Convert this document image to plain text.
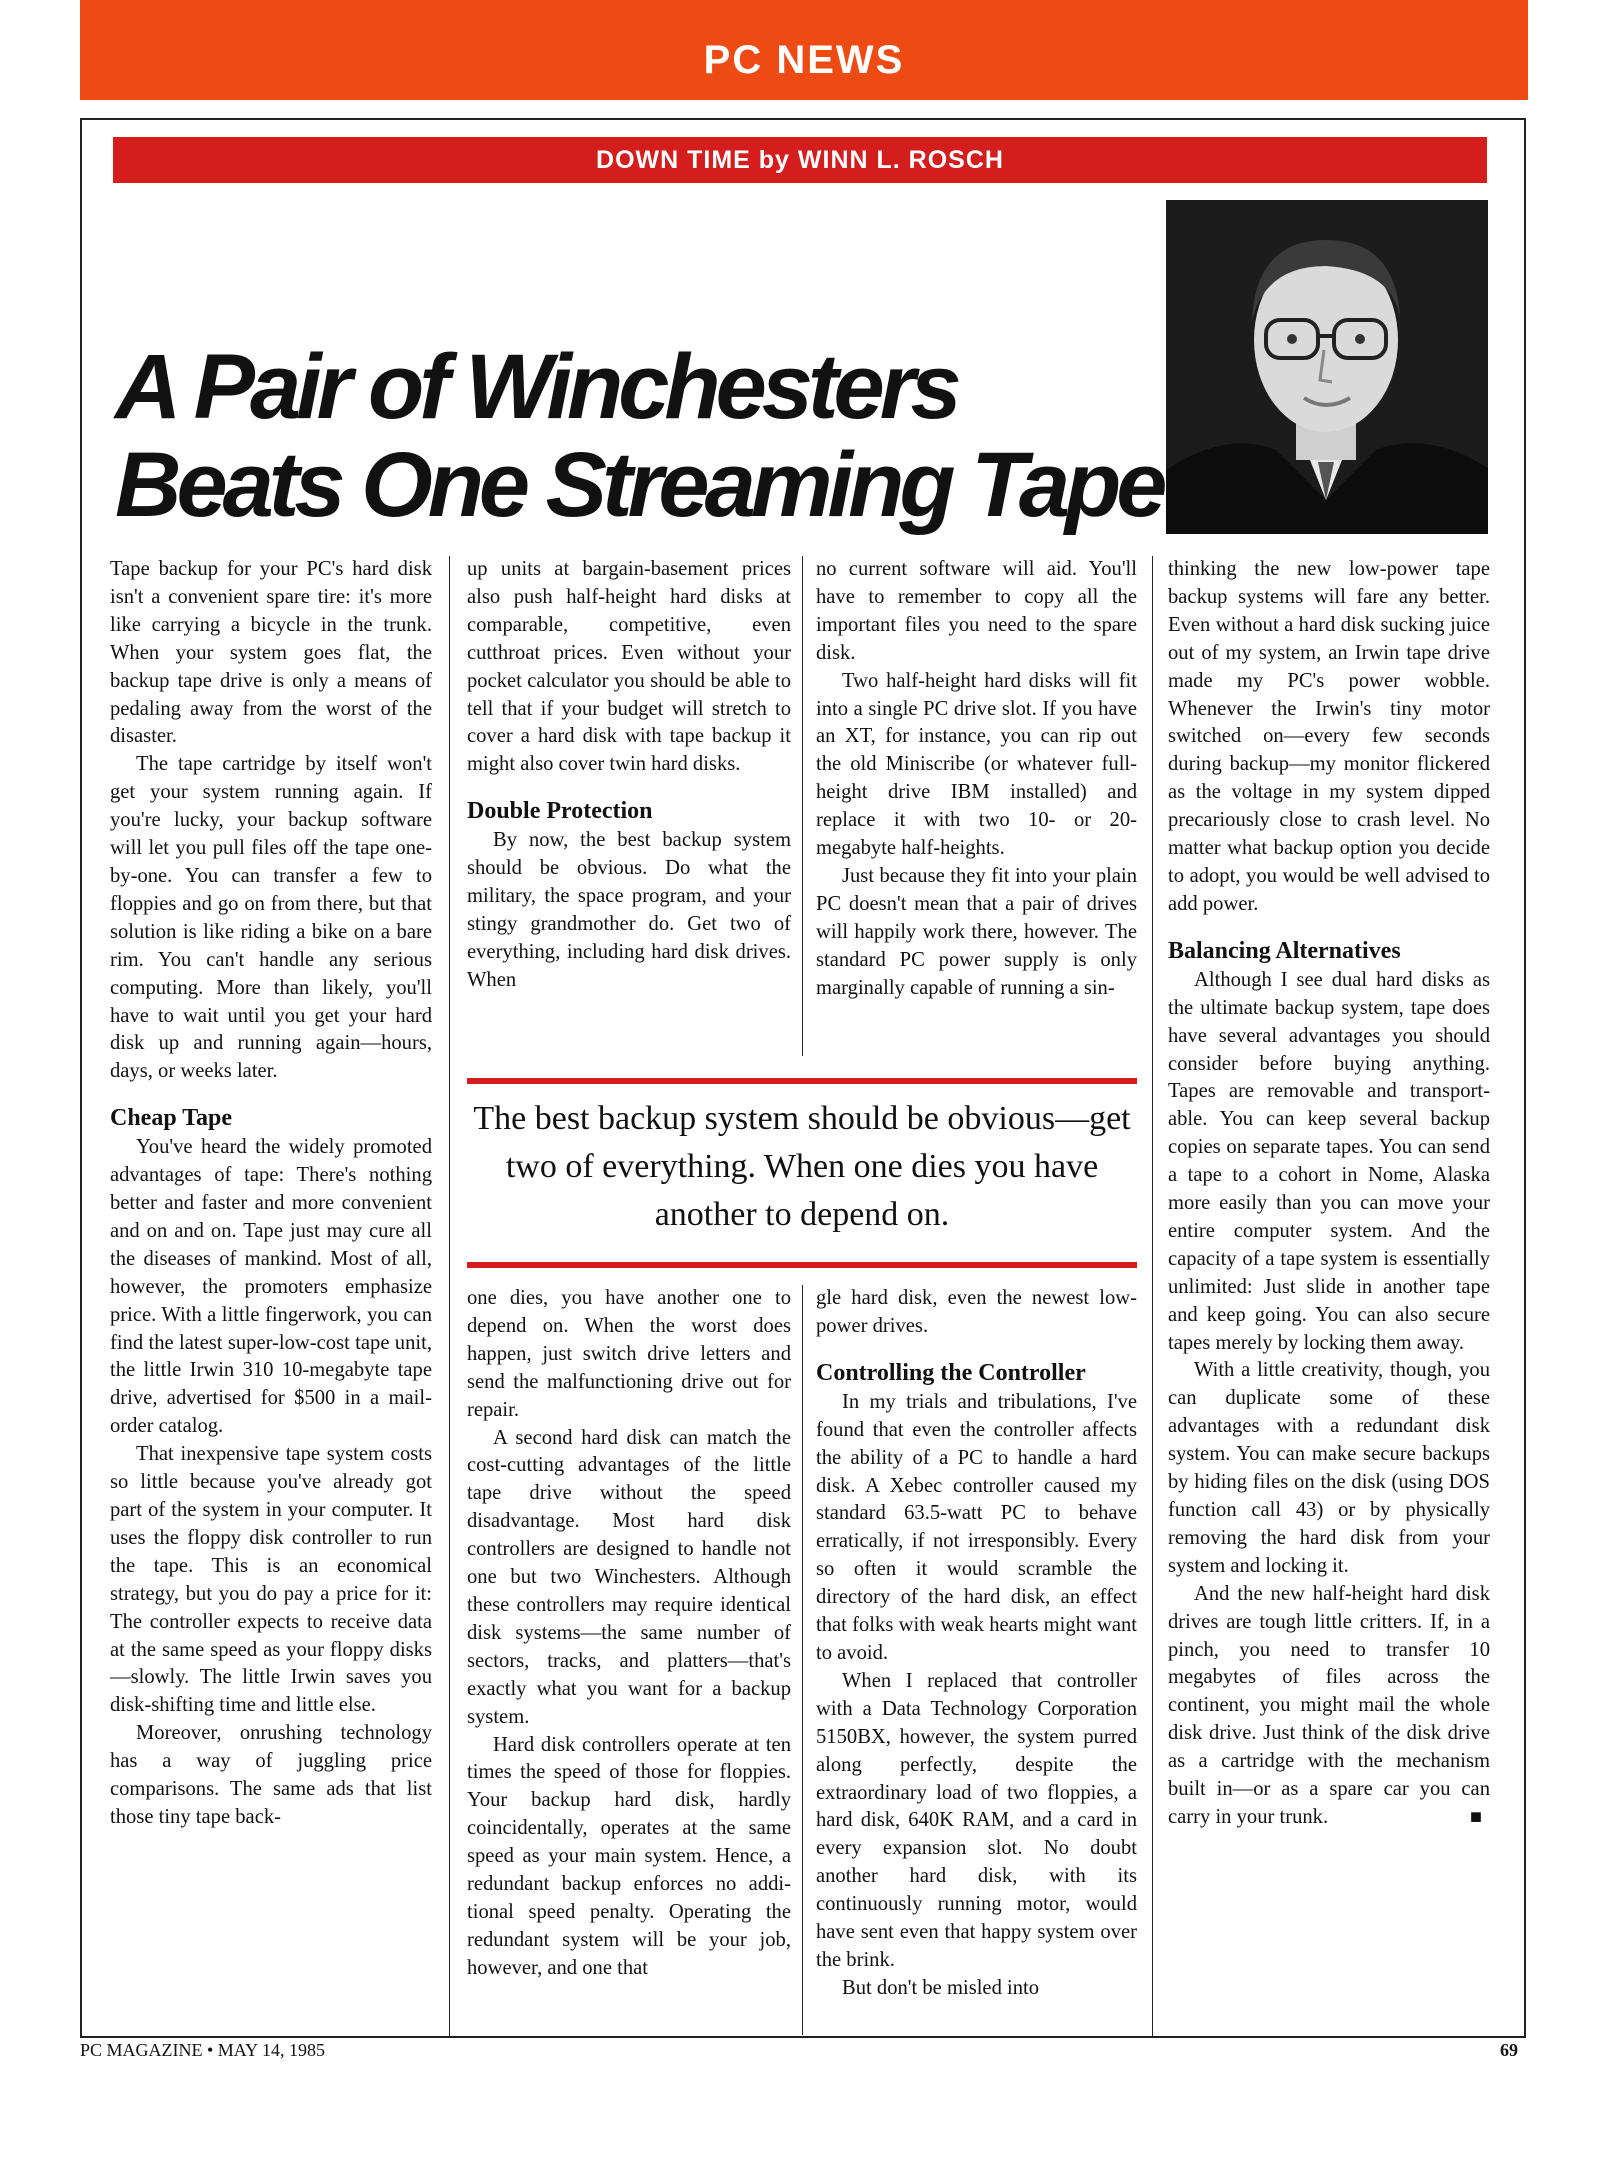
PC NEWS
DOWN TIME by WINN L. ROSCH
A Pair of Winchesters
Beats One Streaming Tape

Tape backup for your PC's hard disk isn't a convenient spare tire: it's more like carrying a bicycle in the trunk. When your system goes flat, the backup tape drive is only a means of pedaling away from the worst of the disaster.

The tape cartridge by itself won't get your system running again. If you're lucky, your backup software will let you pull files off the tape one-by-one. You can transfer a few to floppies and go on from there, but that solution is like riding a bike on a bare rim. You can't handle any serious computing. More than likely, you'll have to wait until you get your hard disk up and running again—hours, days, or weeks later.

Cheap Tape

You've heard the widely promoted advantages of tape: There's nothing better and faster and more convenient and on and on. Tape just may cure all the diseases of mankind. Most of all, however, the promoters emphasize price. With a little fingerwork, you can find the latest super-low-cost tape unit, the little Irwin 310 10-megabyte tape drive, advertised for $500 in a mail-order catalog.

That inexpensive tape system costs so little because you've already got part of the system in your computer. It uses the floppy disk controller to run the tape. This is an economical strategy, but you do pay a price for it: The controller expects to receive data at the same speed as your floppy disks—slowly. The little Irwin saves you disk-shifting time and little else.

Moreover, onrushing technology has a way of juggling price comparisons. The same ads that list those tiny tape back-

up units at bargain-basement prices also push half-height hard disks at comparable, competitive, even cutthroat prices. Even without your pocket calculator you should be able to tell that if your budget will stretch to cover a hard disk with tape backup it might also cover twin hard disks.

Double Protection

By now, the best backup system should be obvious. Do what the military, the space program, and your stingy grandmother do. Get two of everything, including hard disk drives. When

no current software will aid. You'll have to remember to copy all the important files you need to the spare disk.

Two half-height hard disks will fit into a single PC drive slot. If you have an XT, for instance, you can rip out the old Miniscribe (or whatever full-height drive IBM installed) and replace it with two 10- or 20-megabyte half-heights.

Just because they fit into your plain PC doesn't mean that a pair of drives will happily work there, however. The standard PC power supply is only marginally capable of running a sin-

The best backup system should be obvious—get two of everything. When one dies you have another to depend on.

one dies, you have another one to depend on. When the worst does happen, just switch drive letters and send the malfunctioning drive out for repair.

A second hard disk can match the cost-cutting advantages of the little tape drive without the speed disadvantage. Most hard disk controllers are designed to handle not one but two Winchesters. Although these controllers may require identical disk systems—the same number of sectors, tracks, and platters—that's exactly what you want for a backup system.

Hard disk controllers operate at ten times the speed of those for floppies. Your backup hard disk, hardly coincidentally, operates at the same speed as your main system. Hence, a redundant backup enforces no additional speed penalty. Operating the redundant system will be your job, however, and one that

gle hard disk, even the newest low-power drives.

Controlling the Controller

In my trials and tribulations, I've found that even the controller affects the ability of a PC to handle a hard disk. A Xebec controller caused my standard 63.5-watt PC to behave erratically, if not irresponsibly. Every so often it would scramble the directory of the hard disk, an effect that folks with weak hearts might want to avoid.

When I replaced that controller with a Data Technology Corporation 5150BX, however, the system purred along perfectly, despite the extraordinary load of two floppies, a hard disk, 640K RAM, and a card in every expansion slot. No doubt another hard disk, with its continuously running motor, would have sent even that happy system over the brink.

But don't be misled into

thinking the new low-power tape backup systems will fare any better. Even without a hard disk sucking juice out of my system, an Irwin tape drive made my PC's power wobble. Whenever the Irwin's tiny motor switched on—every few seconds during backup—my monitor flickered as the voltage in my system dipped precariously close to crash level. No matter what backup option you decide to adopt, you would be well advised to add power.

Balancing Alternatives

Although I see dual hard disks as the ultimate backup system, tape does have several advantages you should consider before buying anything. Tapes are removable and transportable. You can keep several backup copies on separate tapes. You can send a tape to a cohort in Nome, Alaska more easily than you can move your entire computer system. And the capacity of a tape system is essentially unlimited: Just slide in another tape and keep going. You can also secure tapes merely by locking them away.

With a little creativity, though, you can duplicate some of these advantages with a redundant disk system. You can make secure backups by hiding files on the disk (using DOS function call 43) or by physically removing the hard disk from your system and locking it.

And the new half-height hard disk drives are tough little critters. If, in a pinch, you need to transfer 10 megabytes of files across the continent, you might mail the whole disk drive. Just think of the disk drive as a cartridge with the mechanism built in—or as a spare car you can carry in your trunk.	■

PC MAGAZINE • MAY 14, 1985	69
